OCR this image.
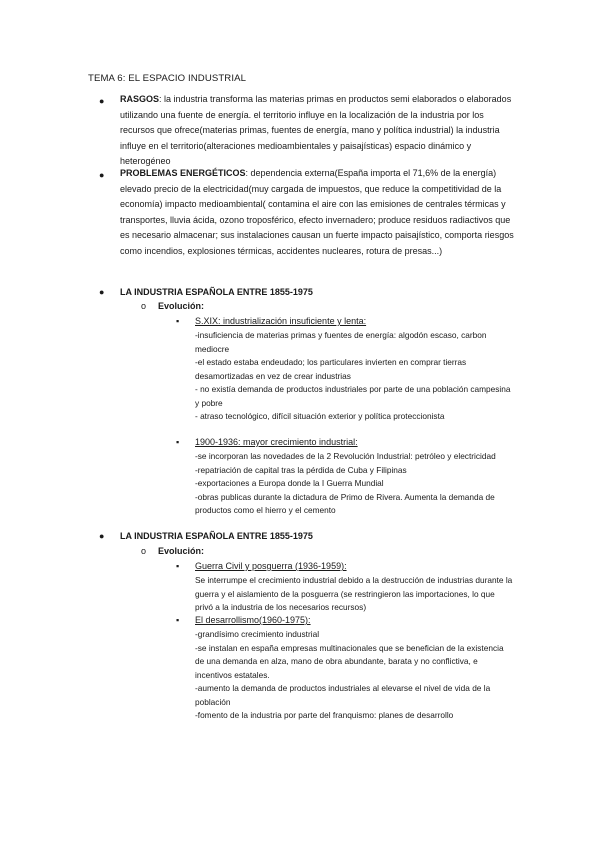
TEMA 6: EL ESPACIO INDUSTRIAL
● RASGOS: la industria transforma las materias primas en productos semi elaborados o elaborados utilizando una fuente de energía. el territorio influye en la localización de la industria por los recursos que ofrece(materias primas, fuentes de energía, mano y política industrial) la industria influye en el territorio(alteraciones medioambientales y paisajísticas) espacio dinámico y heterogéneo
● PROBLEMAS ENERGÉTICOS: dependencia externa(España importa el 71,6% de la energía) elevado precio de la electricidad(muy cargada de impuestos, que reduce la competitividad de la economía) impacto medioambiental( contamina el aire con las emisiones de centrales térmicas y transportes, lluvia ácida, ozono troposférico, efecto invernadero; produce residuos radiactivos que es necesario almacenar; sus instalaciones causan un fuerte impacto paisajístico, comporta riesgos como incendios, explosiones térmicas, accidentes nucleares, rotura de presas...)
● LA INDUSTRIA ESPAÑOLA ENTRE 1855-1975
o Evolución:
▪ S.XIX: industrialización insuficiente y lenta:
-insuficiencia de materias primas y fuentes de energía: algodón escaso, carbon mediocre
-el estado estaba endeudado; los particulares invierten en comprar tierras desamortizadas en vez de crear industrias
- no existía demanda de productos industriales por parte de una población campesina y pobre
- atraso tecnológico, difícil situación exterior y política proteccionista
▪ 1900-1936: mayor crecimiento industrial:
-se incorporan las novedades de la 2 Revolución Industrial: petróleo y electricidad
-repatriación de capital tras la pérdida de Cuba y Filipinas
-exportaciones a Europa donde la I Guerra Mundial
-obras publicas durante la dictadura de Primo de Rivera. Aumenta la demanda de productos como el hierro y el cemento
● LA INDUSTRIA ESPAÑOLA ENTRE 1855-1975
o Evolución:
▪ Guerra Civil y posguerra (1936-1959):
Se interrumpe el crecimiento industrial debido a la destrucción de industrias durante la guerra y el aislamiento de la posguerra (se restringieron las importaciones, lo que privó a la industria de los necesarios recursos)
▪ El desarrollismo(1960-1975):
-grandísimo crecimiento industrial
-se instalan en españa empresas multinacionales que se benefician de la existencia de una demanda en alza, mano de obra abundante, barata y no conflictiva, e incentivos estatales.
-aumento la demanda de productos industriales al elevarse el nivel de vida de la población
-fomento de la industria por parte del franquismo: planes de desarrollo
